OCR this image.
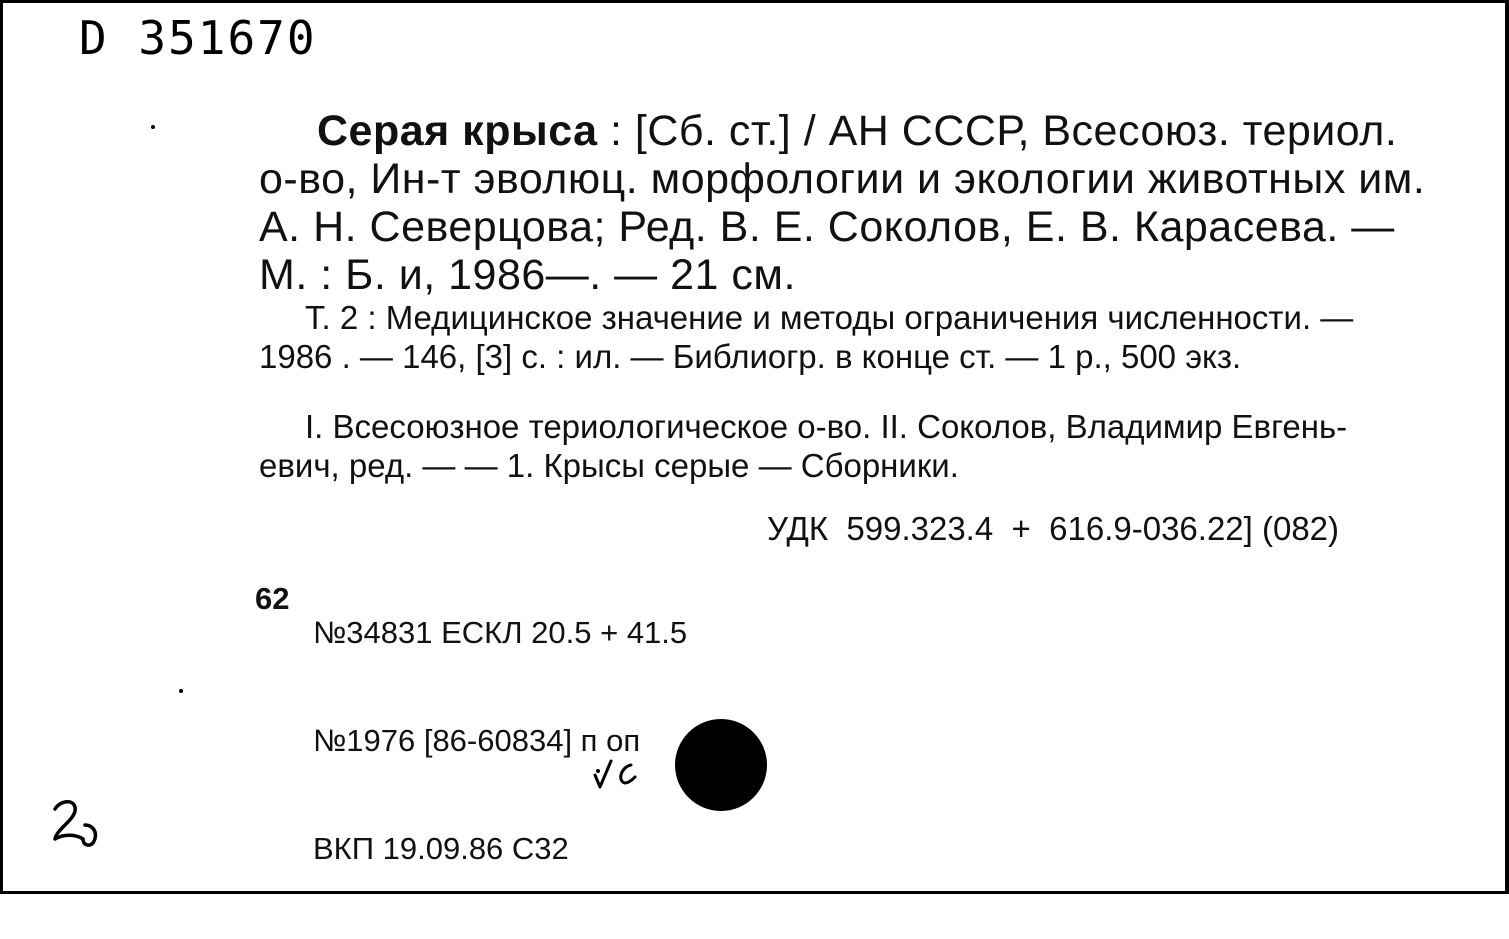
D 351670
Серая крыса : [Сб. ст.] / АН СССР, Всесоюз. териол.
о-во, Ин-т эволюц. морфологии и экологии животных им.
А. Н. Северцова; Ред. В. Е. Соколов, Е. В. Карасева. —
М. : Б. и, 1986—. — 21 см.
Т. 2 : Медицинское значение и методы ограничения численности. —
1986 . — 146, [3] с. : ил. — Библиогр. в конце ст. — 1 р., 500 экз.
I. Всесоюзное териологическое о-во. II. Соколов, Владимир Евгень-
евич, ред. — — 1. Крысы серые — Сборники.
УДК  599.323.4  +  616.9-036.22] (082)

№34831 ЕСКЛ 20.5 + 41.5

№1976 [86-60834] п оп

ВКП 19.09.86 С32

62
